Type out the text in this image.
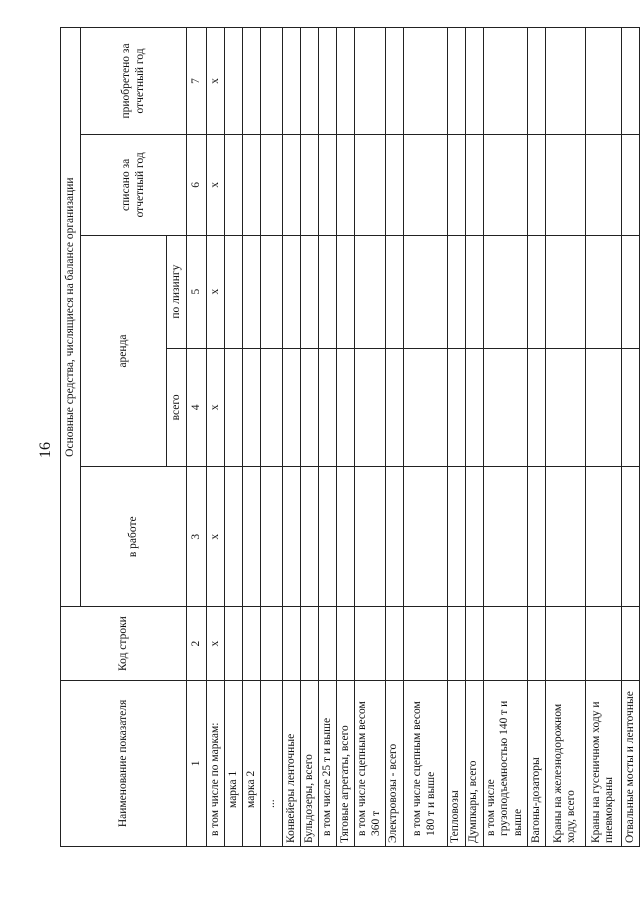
16
Наименование показателя	Код строки	Основные средства, числящиеся на балансе организации				
		в работе	аренда		списано за отчетный год	приобретено за отчетный год
			всего	по лизингу		
1	2	3	4	5	6	7
в том числе по маркам:	x	x	x	x	x	x
марка 1						
марка 2						
...						
Конвейеры ленточные						
Бульдозеры, всего						
в том числе 25 т и выше						
Тяговые агрегаты, всего						
в том числе сцепным весом 360 т						
Электровозы - всего						
в том числе сцепным весом 180 т и выше						
Тепловозы						
Думпкары, всего						
в том числе грузоподъемностью 140 т и выше						
Вагоны-дозаторы						
Краны на железнодорожном ходу, всего						
Краны на гусеничном ходу и пневмокраны						
Отвальные мосты и ленточные						
